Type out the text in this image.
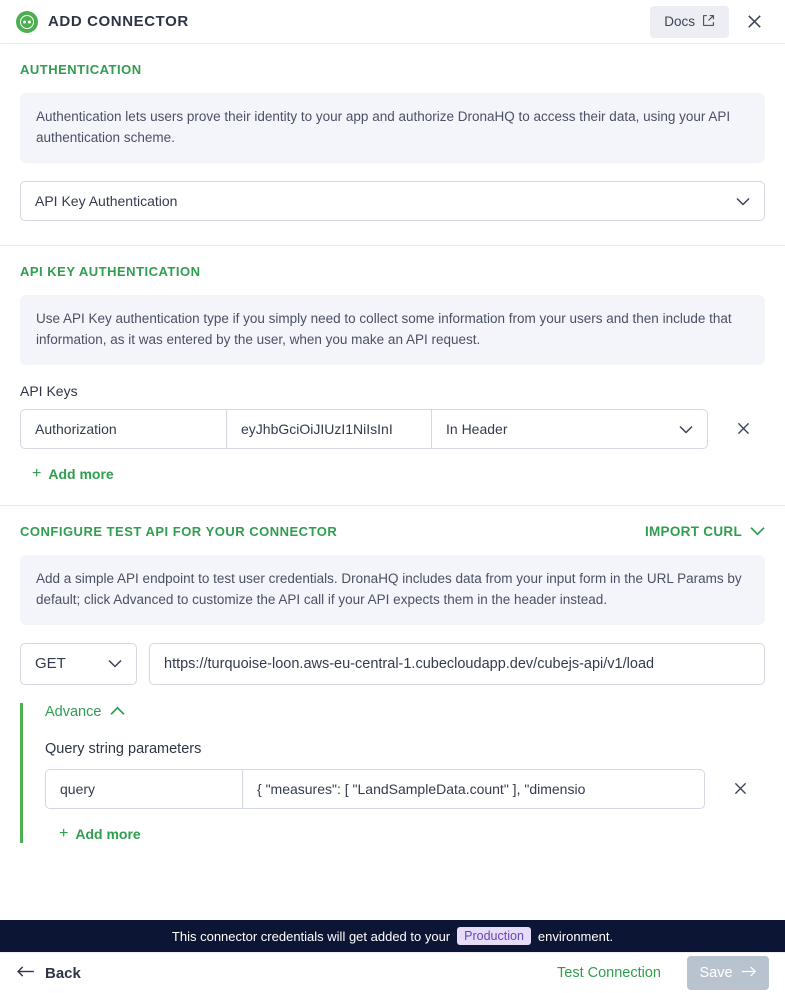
ADD CONNECTOR	Docs
AUTHENTICATION
Authentication lets users prove their identity to your app and authorize DronaHQ to access their data, using your API authentication scheme.
API Key Authentication
API KEY AUTHENTICATION
Use API Key authentication type if you simply need to collect some information from your users and then include that information, as it was entered by the user, when you make an API request.
API Keys
Authorization	eyJhbGciOiJIUzI1NiIsInI	In Header
+ Add more
CONFIGURE TEST API FOR YOUR CONNECTOR	IMPORT CURL
Add a simple API endpoint to test user credentials. DronaHQ includes data from your input form in the URL Params by default; click Advanced to customize the API call if your API expects them in the header instead.
GET	https://turquoise-loon.aws-eu-central-1.cubecloudapp.dev/cubejs-api/v1/load
Advance
Query string parameters
query	{ "measures": [ "LandSampleData.count" ], "dimensio
+ Add more
This connector credentials will get added to your	Production	environment.
Back	Test Connection	Save
